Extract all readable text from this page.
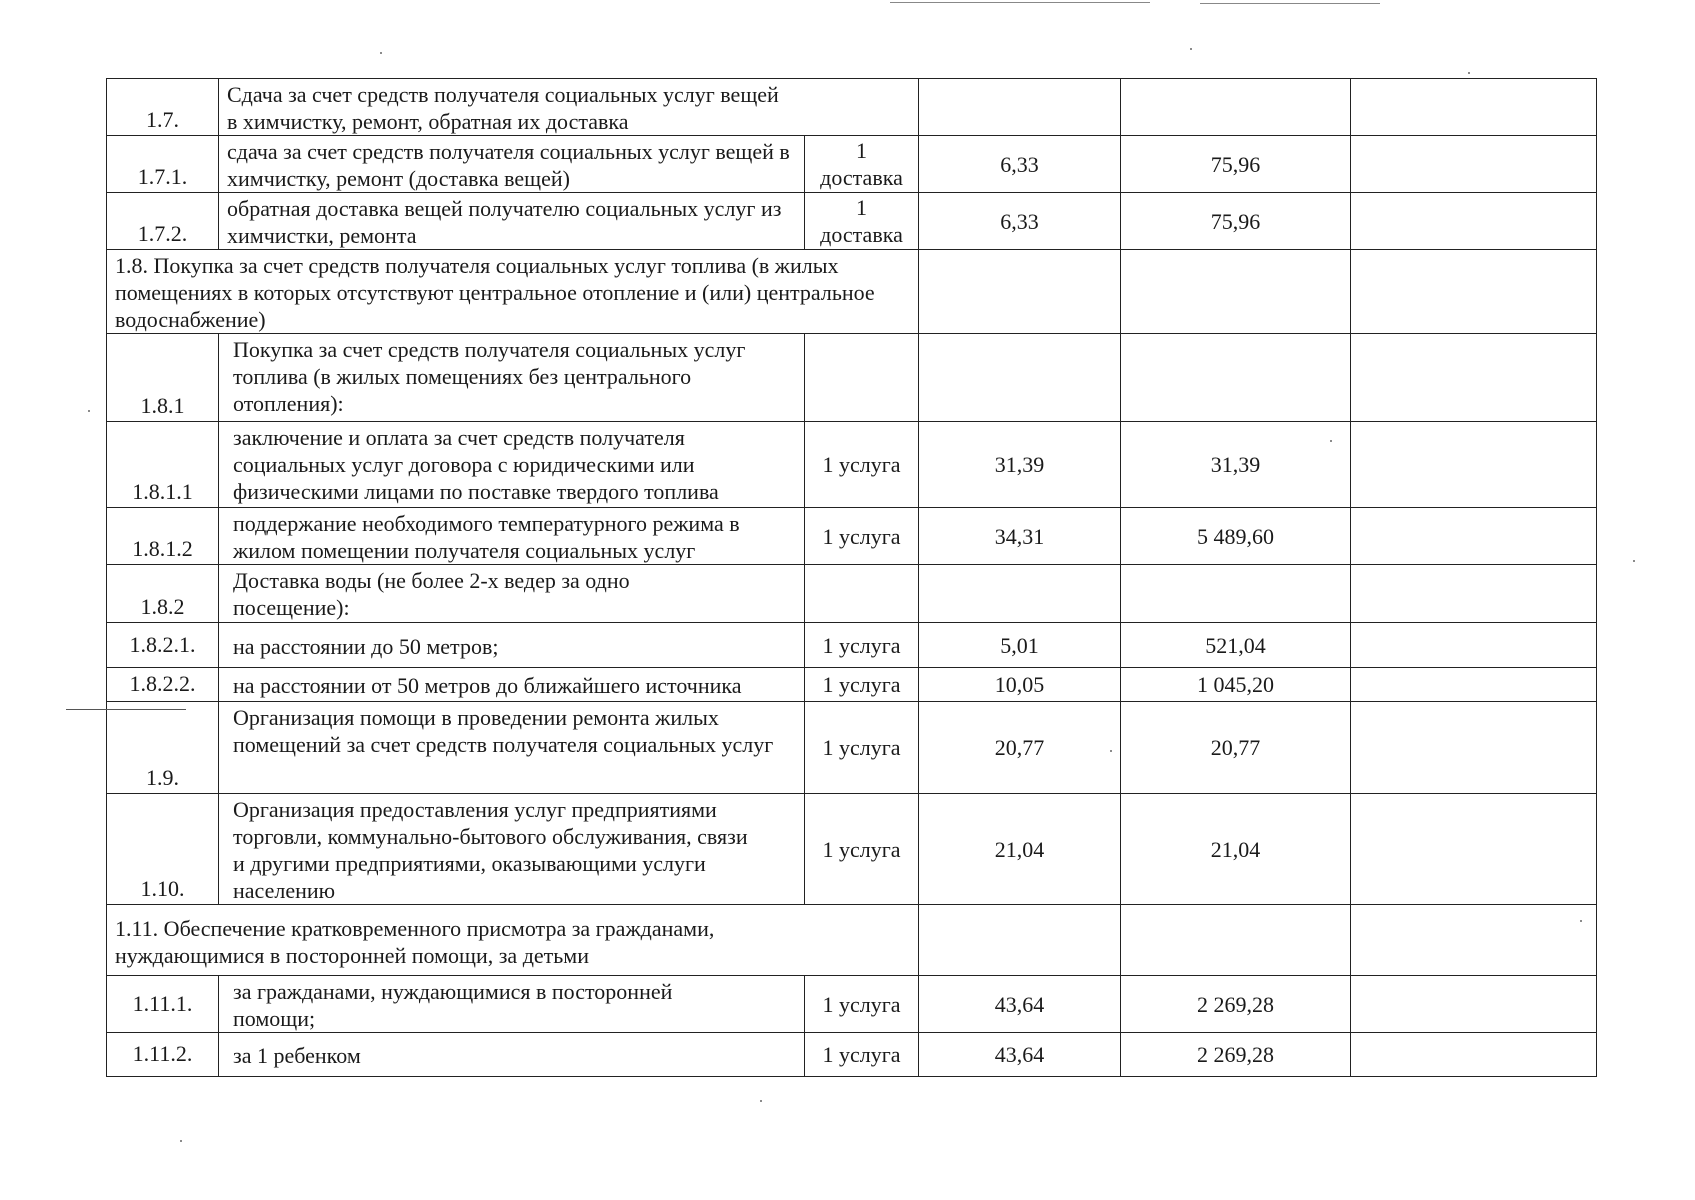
1.7.	Сдача за счет средств получателя социальных услуг вещей в химчистку, ремонт, обратная их доставка				
1.7.1.	сдача за счет средств получателя социальных услуг вещей в химчистку, ремонт (доставка вещей)	1 доставка	6,33	75,96	
1.7.2.	обратная доставка вещей получателю социальных услуг из химчистки, ремонта	1 доставка	6,33	75,96	
1.8. Покупка за счет средств получателя социальных услуг топлива (в жилых помещениях в которых отсутствуют центральное отопление и (или) центральное водоснабжение)					
1.8.1	Покупка за счет средств получателя социальных услуг топлива (в жилых помещениях без центрального отопления):				
1.8.1.1	заключение и оплата за счет средств получателя социальных услуг договора с юридическими или физическими лицами по поставке твердого топлива	1 услуга	31,39	31,39	
1.8.1.2	поддержание необходимого температурного режима в жилом помещении получателя социальных услуг	1 услуга	34,31	5 489,60	
1.8.2	Доставка воды (не более 2-х ведер за одно посещение):				
1.8.2.1.	на расстоянии до 50 метров;	1 услуга	5,01	521,04	
1.8.2.2.	на расстоянии от 50 метров до ближайшего источника	1 услуга	10,05	1 045,20	
1.9.	Организация помощи в проведении ремонта жилых помещений за счет средств получателя социальных услуг	1 услуга	20,77	20,77	
1.10.	Организация предоставления услуг предприятиями торговли, коммунально-бытового обслуживания, связи и другими предприятиями, оказывающими услуги населению	1 услуга	21,04	21,04	
1.11. Обеспечение кратковременного присмотра за гражданами, нуждающимися в посторонней помощи, за детьми					
1.11.1.	за гражданами, нуждающимися в посторонней помощи;	1 услуга	43,64	2 269,28	
1.11.2.	за 1 ребенком	1 услуга	43,64	2 269,28	
